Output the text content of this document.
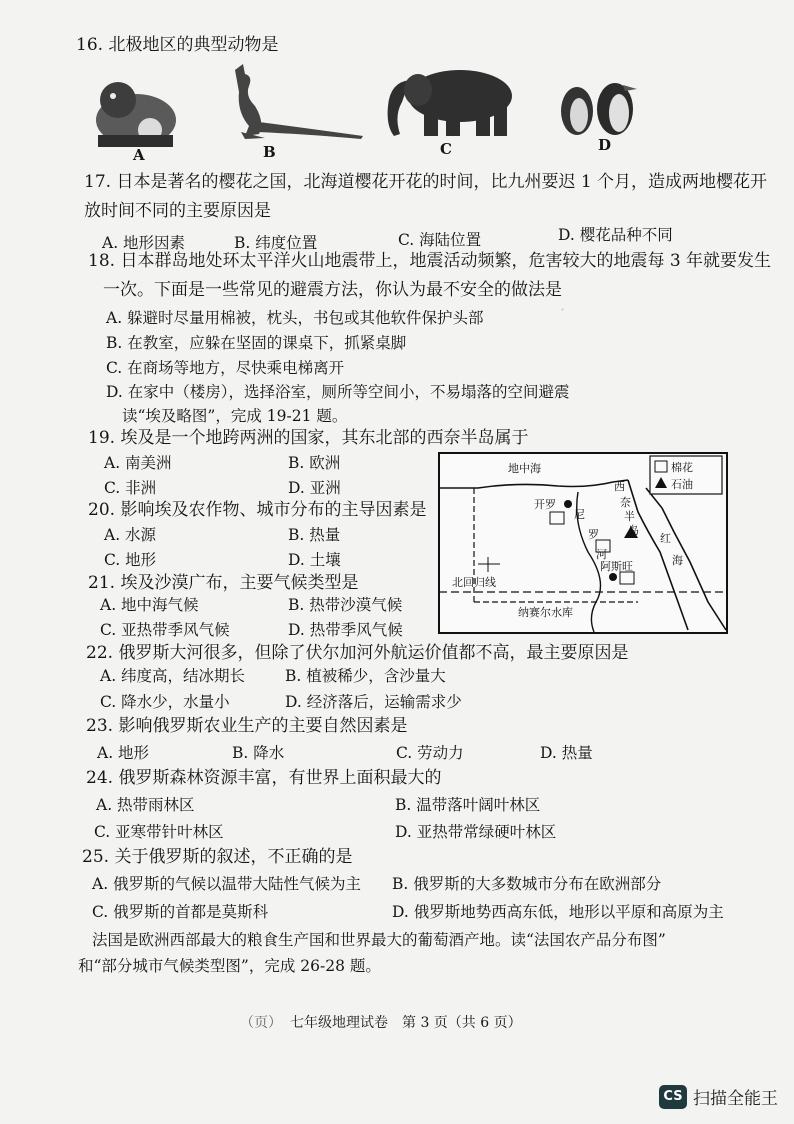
·
16. 北极地区的典型动物是
A	B	C	D
17. 日本是著名的樱花之国，北海道樱花开花的时间，比九州要迟 1 个月，造成两地樱花开
放时间不同的主要原因是
A. 地形因素	B. 纬度位置	C. 海陆位置	D. 樱花品种不同
18. 日本群岛地处环太平洋火山地震带上，地震活动频繁，危害较大的地震每 3 年就要发生
一次。下面是一些常见的避震方法，你认为最不安全的做法是
A. 躲避时尽量用棉被，枕头，书包或其他软件保护头部
B. 在教室，应躲在坚固的课桌下，抓紧桌脚
C. 在商场等地方，尽快乘电梯离开
D. 在家中（楼房），选择浴室，厕所等空间小，不易塌落的空间避震
读“埃及略图”，完成 19-21 题。
19. 埃及是一个地跨两洲的国家，其东北部的西奈半岛属于
A. 南美洲	B. 欧洲
C. 非洲	D. 亚洲
20. 影响埃及农作物、城市分布的主导因素是
A. 水源	B. 热量
C. 地形	D. 土壤
21. 埃及沙漠广布，主要气候类型是
A. 地中海气候	B. 热带沙漠气候
C. 亚热带季风气候	D. 热带季风气候
棉花
石油
地中海
开罗
尼
罗
河
西
奈
半
岛
红
海
北回归线
阿斯旺
纳赛尔水库
22. 俄罗斯大河很多，但除了伏尔加河外航运价值都不高，最主要原因是
A. 纬度高，结冰期长	B. 植被稀少，含沙量大
C. 降水少，水量小	D. 经济落后，运输需求少
23. 影响俄罗斯农业生产的主要自然因素是
A. 地形	B. 降水	C. 劳动力	D. 热量
24. 俄罗斯森林资源丰富，有世界上面积最大的
A. 热带雨林区	B. 温带落叶阔叶林区
C. 亚寒带针叶林区	D. 亚热带常绿硬叶林区
25. 关于俄罗斯的叙述，不正确的是
A. 俄罗斯的气候以温带大陆性气候为主 B. 俄罗斯的大多数城市分布在欧洲部分
C. 俄罗斯的首都是莫斯科	D. 俄罗斯地势西高东低，地形以平原和高原为主
法国是欧洲西部最大的粮食生产国和世界最大的葡萄酒产地。读“法国农产品分布图”
和“部分城市气候类型图”，完成 26-28 题。
（页） 七年级地理试卷 第 3 页（共 6 页）
CS 扫描全能王
